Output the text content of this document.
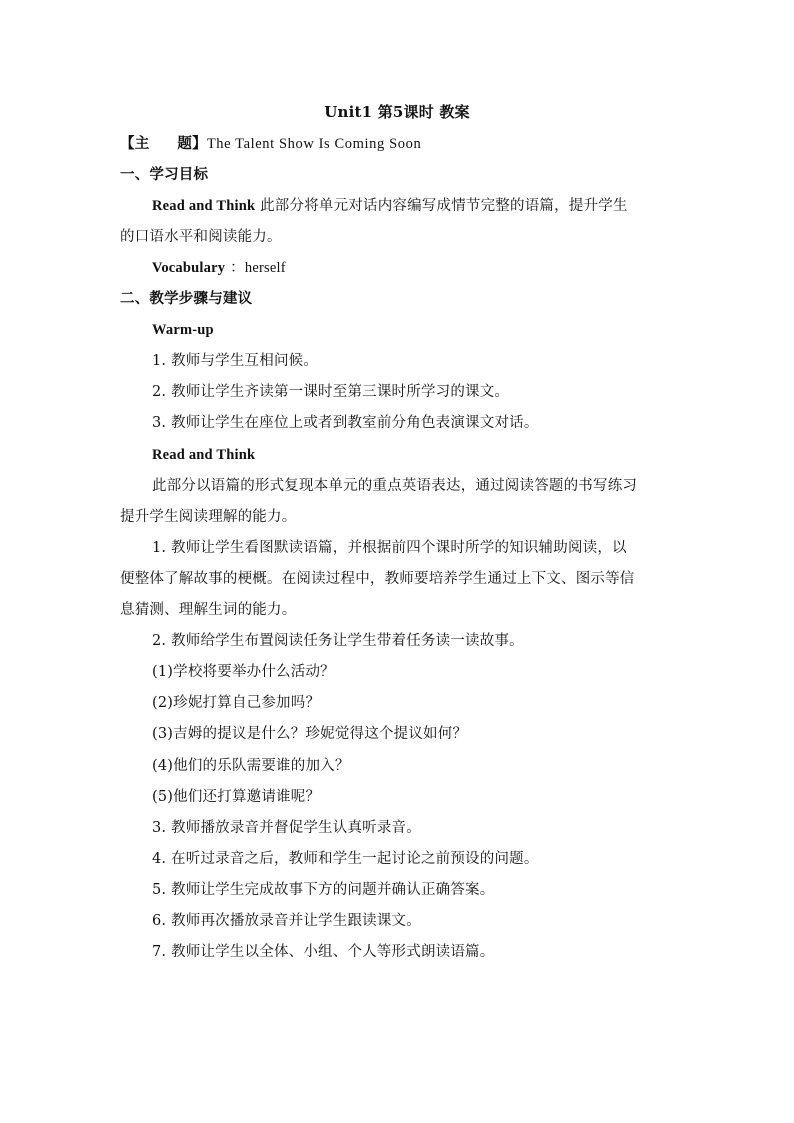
Unit1 第5课时 教案
【主 题】The Talent Show Is Coming Soon
一、学习目标
Read and Think 此部分将单元对话内容编写成情节完整的语篇，提升学生
的口语水平和阅读能力。
Vocabulary ：herself
二、教学步骤与建议
Warm-up
1. 教师与学生互相问候。
2. 教师让学生齐读第一课时至第三课时所学习的课文。
3. 教师让学生在座位上或者到教室前分角色表演课文对话。
Read and Think
此部分以语篇的形式复现本单元的重点英语表达，通过阅读答题的书写练习
提升学生阅读理解的能力。
1. 教师让学生看图默读语篇，并根据前四个课时所学的知识辅助阅读，以
便整体了解故事的梗概。在阅读过程中，教师要培养学生通过上下文、图示等信
息猜测、理解生词的能力。
2. 教师给学生布置阅读任务让学生带着任务读一读故事。
(1)学校将要举办什么活动？
(2)珍妮打算自己参加吗？
(3)吉姆的提议是什么？珍妮觉得这个提议如何？
(4)他们的乐队需要谁的加入？
(5)他们还打算邀请谁呢？
3. 教师播放录音并督促学生认真听录音。
4. 在听过录音之后，教师和学生一起讨论之前预设的问题。
5. 教师让学生完成故事下方的问题并确认正确答案。
6. 教师再次播放录音并让学生跟读课文。
7. 教师让学生以全体、小组、个人等形式朗读语篇。
